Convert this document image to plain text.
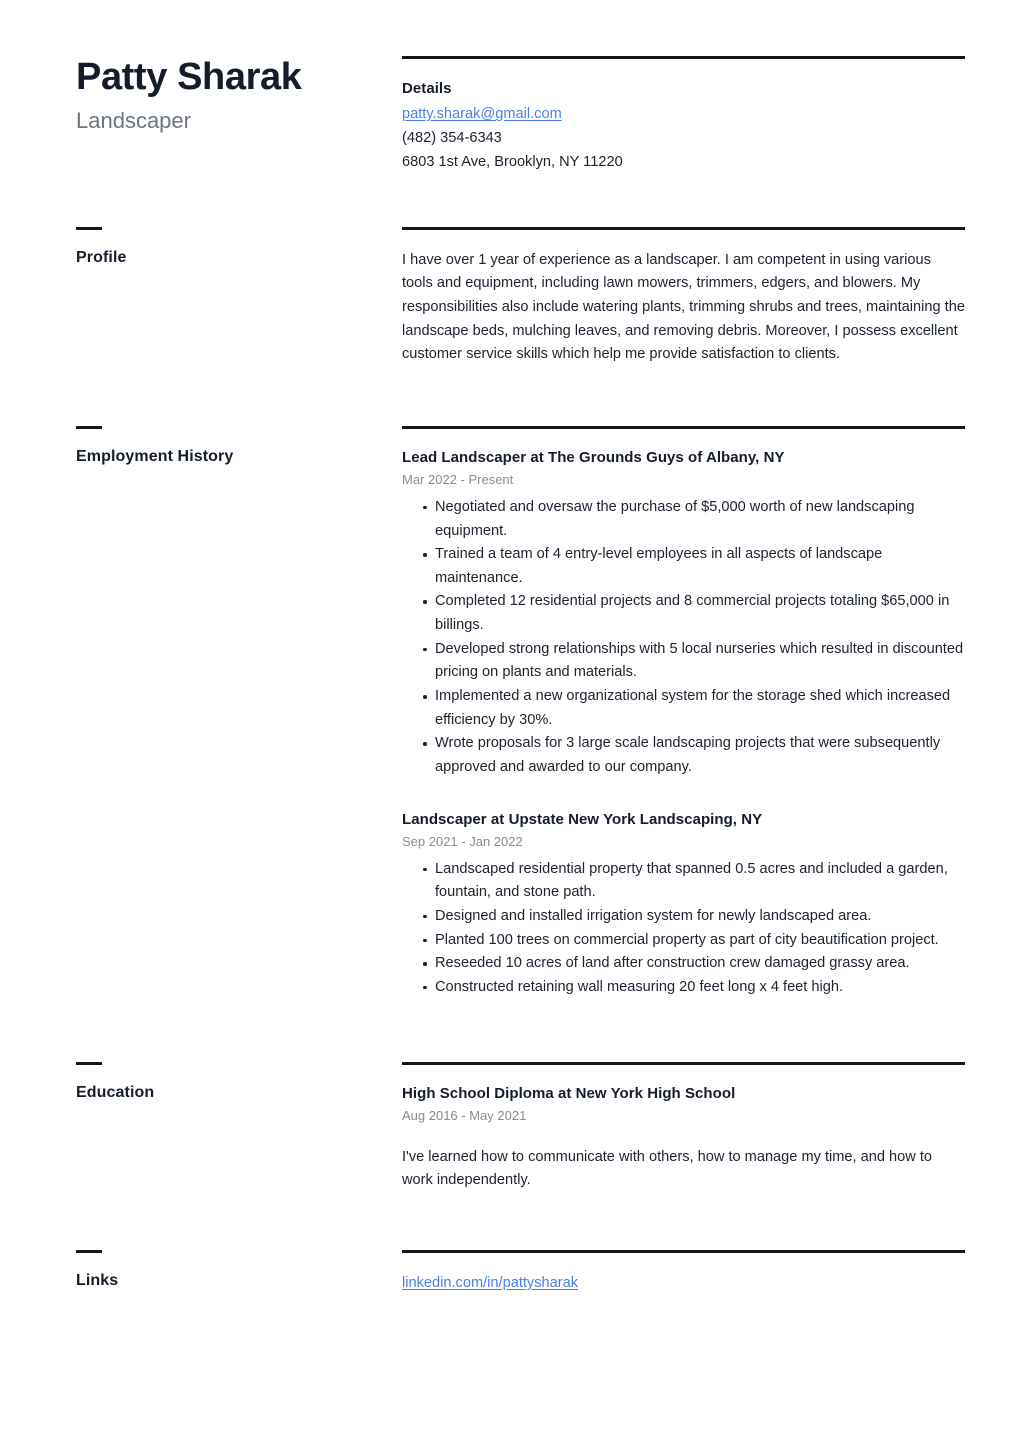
Patty Sharak
Landscaper
Details
patty.sharak@gmail.com
(482) 354-6343
6803 1st Ave, Brooklyn, NY 11220
Profile	I have over 1 year of experience as a landscaper. I am competent in using various tools and equipment, including lawn mowers, trimmers, edgers, and blowers. My responsibilities also include watering plants, trimming shrubs and trees, maintaining the landscape beds, mulching leaves, and removing debris. Moreover, I possess excellent customer service skills which help me provide satisfaction to clients.

Employment History	Lead Landscaper at The Grounds Guys of Albany, NY
Mar 2022 - Present
Negotiated and oversaw the purchase of $5,000 worth of new landscaping equipment.
Trained a team of 4 entry-level employees in all aspects of landscape maintenance.
Completed 12 residential projects and 8 commercial projects totaling $65,000 in billings.
Developed strong relationships with 5 local nurseries which resulted in discounted pricing on plants and materials.
Implemented a new organizational system for the storage shed which increased efficiency by 30%.
Wrote proposals for 3 large scale landscaping projects that were subsequently approved and awarded to our company.
Landscaper at Upstate New York Landscaping, NY
Sep 2021 - Jan 2022
Landscaped residential property that spanned 0.5 acres and included a garden, fountain, and stone path.
Designed and installed irrigation system for newly landscaped area.
Planted 100 trees on commercial property as part of city beautification project.
Reseeded 10 acres of land after construction crew damaged grassy area.
Constructed retaining wall measuring 20 feet long x 4 feet high.
Education	High School Diploma at New York High School
Aug 2016 - May 2021

I've learned how to communicate with others, how to manage my time, and how to work independently.

Links	linkedin.com/in/pattysharak
